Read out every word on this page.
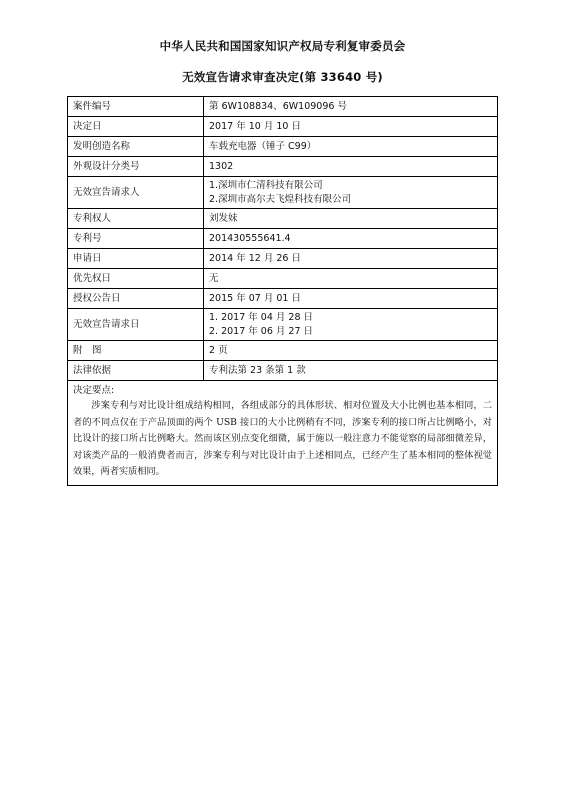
中华人民共和国国家知识产权局专利复审委员会
无效宣告请求审查决定(第 33640 号)
案件编号	第 6W108834、6W109096 号
决定日	2017 年 10 月 10 日
发明创造名称	车载充电器（锤子 C99）
外观设计分类号	1302
无效宣告请求人	1.深圳市仁清科技有限公司
2.深圳市高尔夫飞煌科技有限公司

专利权人	刘发妹
专利号	201430555641.4
申请日	2014 年 12 月 26 日
优先权日	无
授权公告日	2015 年 07 月 01 日
无效宣告请求日	1. 2017 年 04 月 28 日
2. 2017 年 06 月 27 日

附　图	2 页
法律依据	专利法第 23 条第 1 款

决定要点:

涉案专利与对比设计组成结构相同，各组成部分的具体形状、相对位置及大小比例也基本相同，二者的不同点仅在于产品顶面的两个 USB 接口的大小比例稍有不同，涉案专利的接口所占比例略小，对比设计的接口所占比例略大。然而该区别点变化细微，属于施以一般注意力不能觉察的局部细微差异，对该类产品的一般消费者而言，涉案专利与对比设计由于上述相同点，已经产生了基本相同的整体视觉效果，两者实质相同。	
